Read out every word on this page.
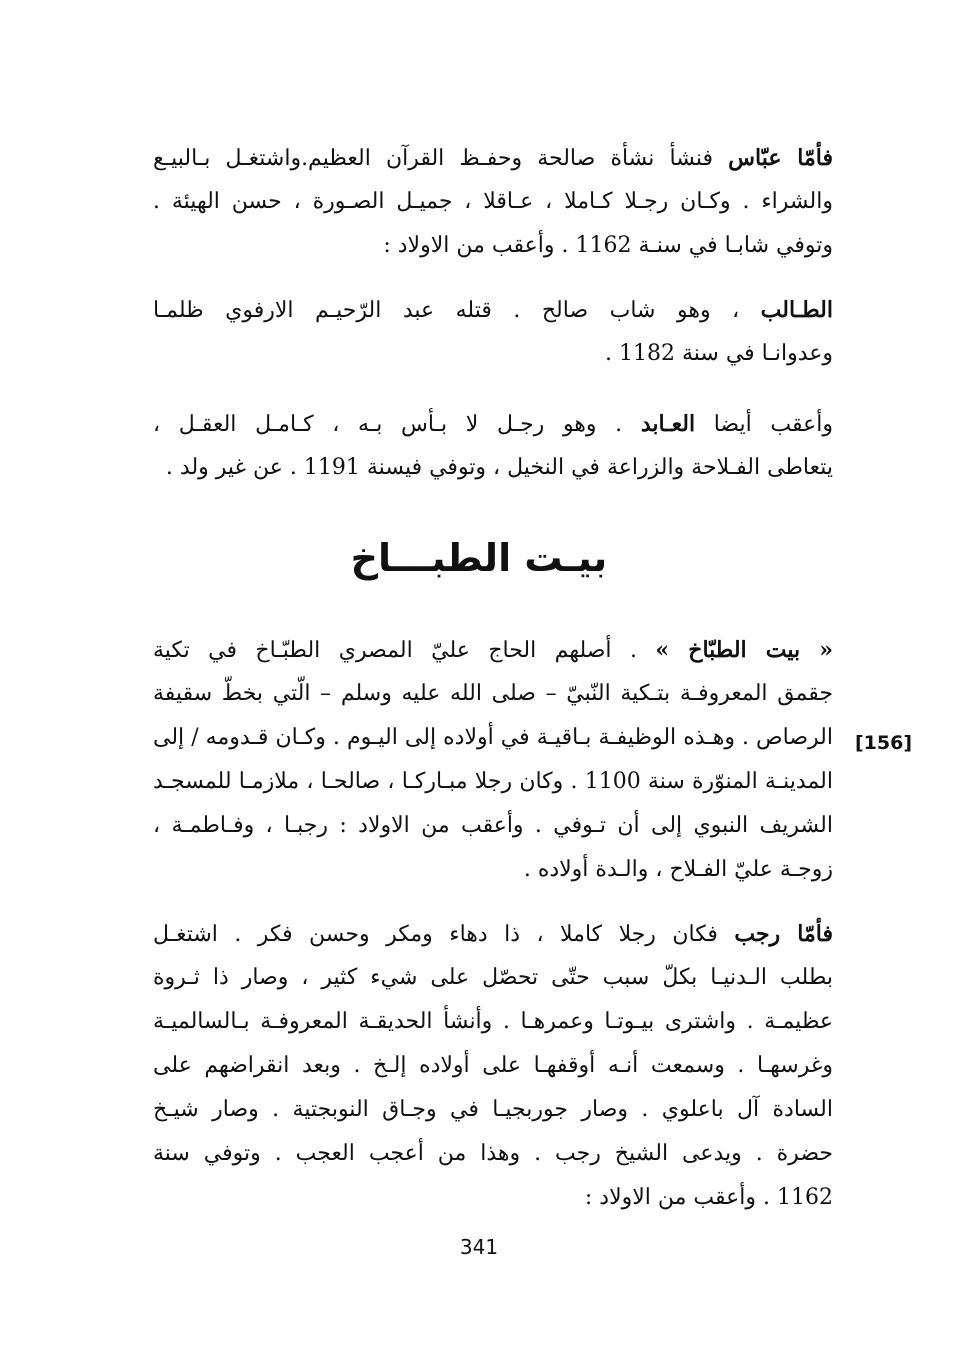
فأمّا عبّاس فنشأ نشأة صالحة وحفـظ القرآن العظيم.واشتغـل بـالبيـع
والشراء . وكـان رجـلا كـاملا ، عـاقلا ، جميـل الصـورة ، حسن الهيئة .
وتوفي شابـا في سنـة 1162 . وأعقب من الاولاد :
الطـالب ، وهو شاب صالح . قتله عبد الرّحيـم الارفوي ظلمـا
وعدوانـا في سنة 1182 .
وأعقب أيضا العـابد . وهو رجـل لا بـأس بـه ، كـامـل العقـل ،
يتعاطى الفـلاحة والزراعة في النخيل ، وتوفي فيسنة 1191 . عن غير ولد .
بيـت الطبـــاخ
[156]
« بيت الطبّاخ » . أصلهم الحاج عليّ المصري الطبّـاخ في تكية
جقمق المعروفـة بتـكية النّبيّ – صلى الله عليه وسلم – الّتي بخطّ سقيفة
الرصاص . وهـذه الوظيفـة بـاقيـة في أولاده إلى اليـوم . وكـان قـدومه / إلى
المدينـة المنوّرة سنة 1100 . وكان رجلا مبـاركـا ، صالحـا ، ملازمـا للمسجـد
الشريف النبوي إلى أن تـوفي . وأعقب من الاولاد : رجبـا ، وفـاطمـة ،
زوجـة عليّ الفـلاح ، والـدة أولاده .
فأمّا رجب فكان رجلا كاملا ، ذا دهاء ومكر وحسن فكر . اشتغـل
بطلب الـدنيـا بكلّ سبب حتّى تحصّل على شيء كثير ، وصار ذا ثـروة
عظيمـة . واشترى بيـوتـا وعمرهـا . وأنشأ الحديقـة المعروفـة بـالسالميـة
وغرسهـا . وسمعت أنـه أوقفهـا على أولاده إلـخ . وبعد انقراضهم على
السادة آل باعلوي . وصار جوربجيـا في وجـاق النوبجتية . وصار شيـخ
حضرة . ويدعى الشيخ رجب . وهذا من أعجب العجب . وتوفي سنة
1162 . وأعقب من الاولاد :
341
